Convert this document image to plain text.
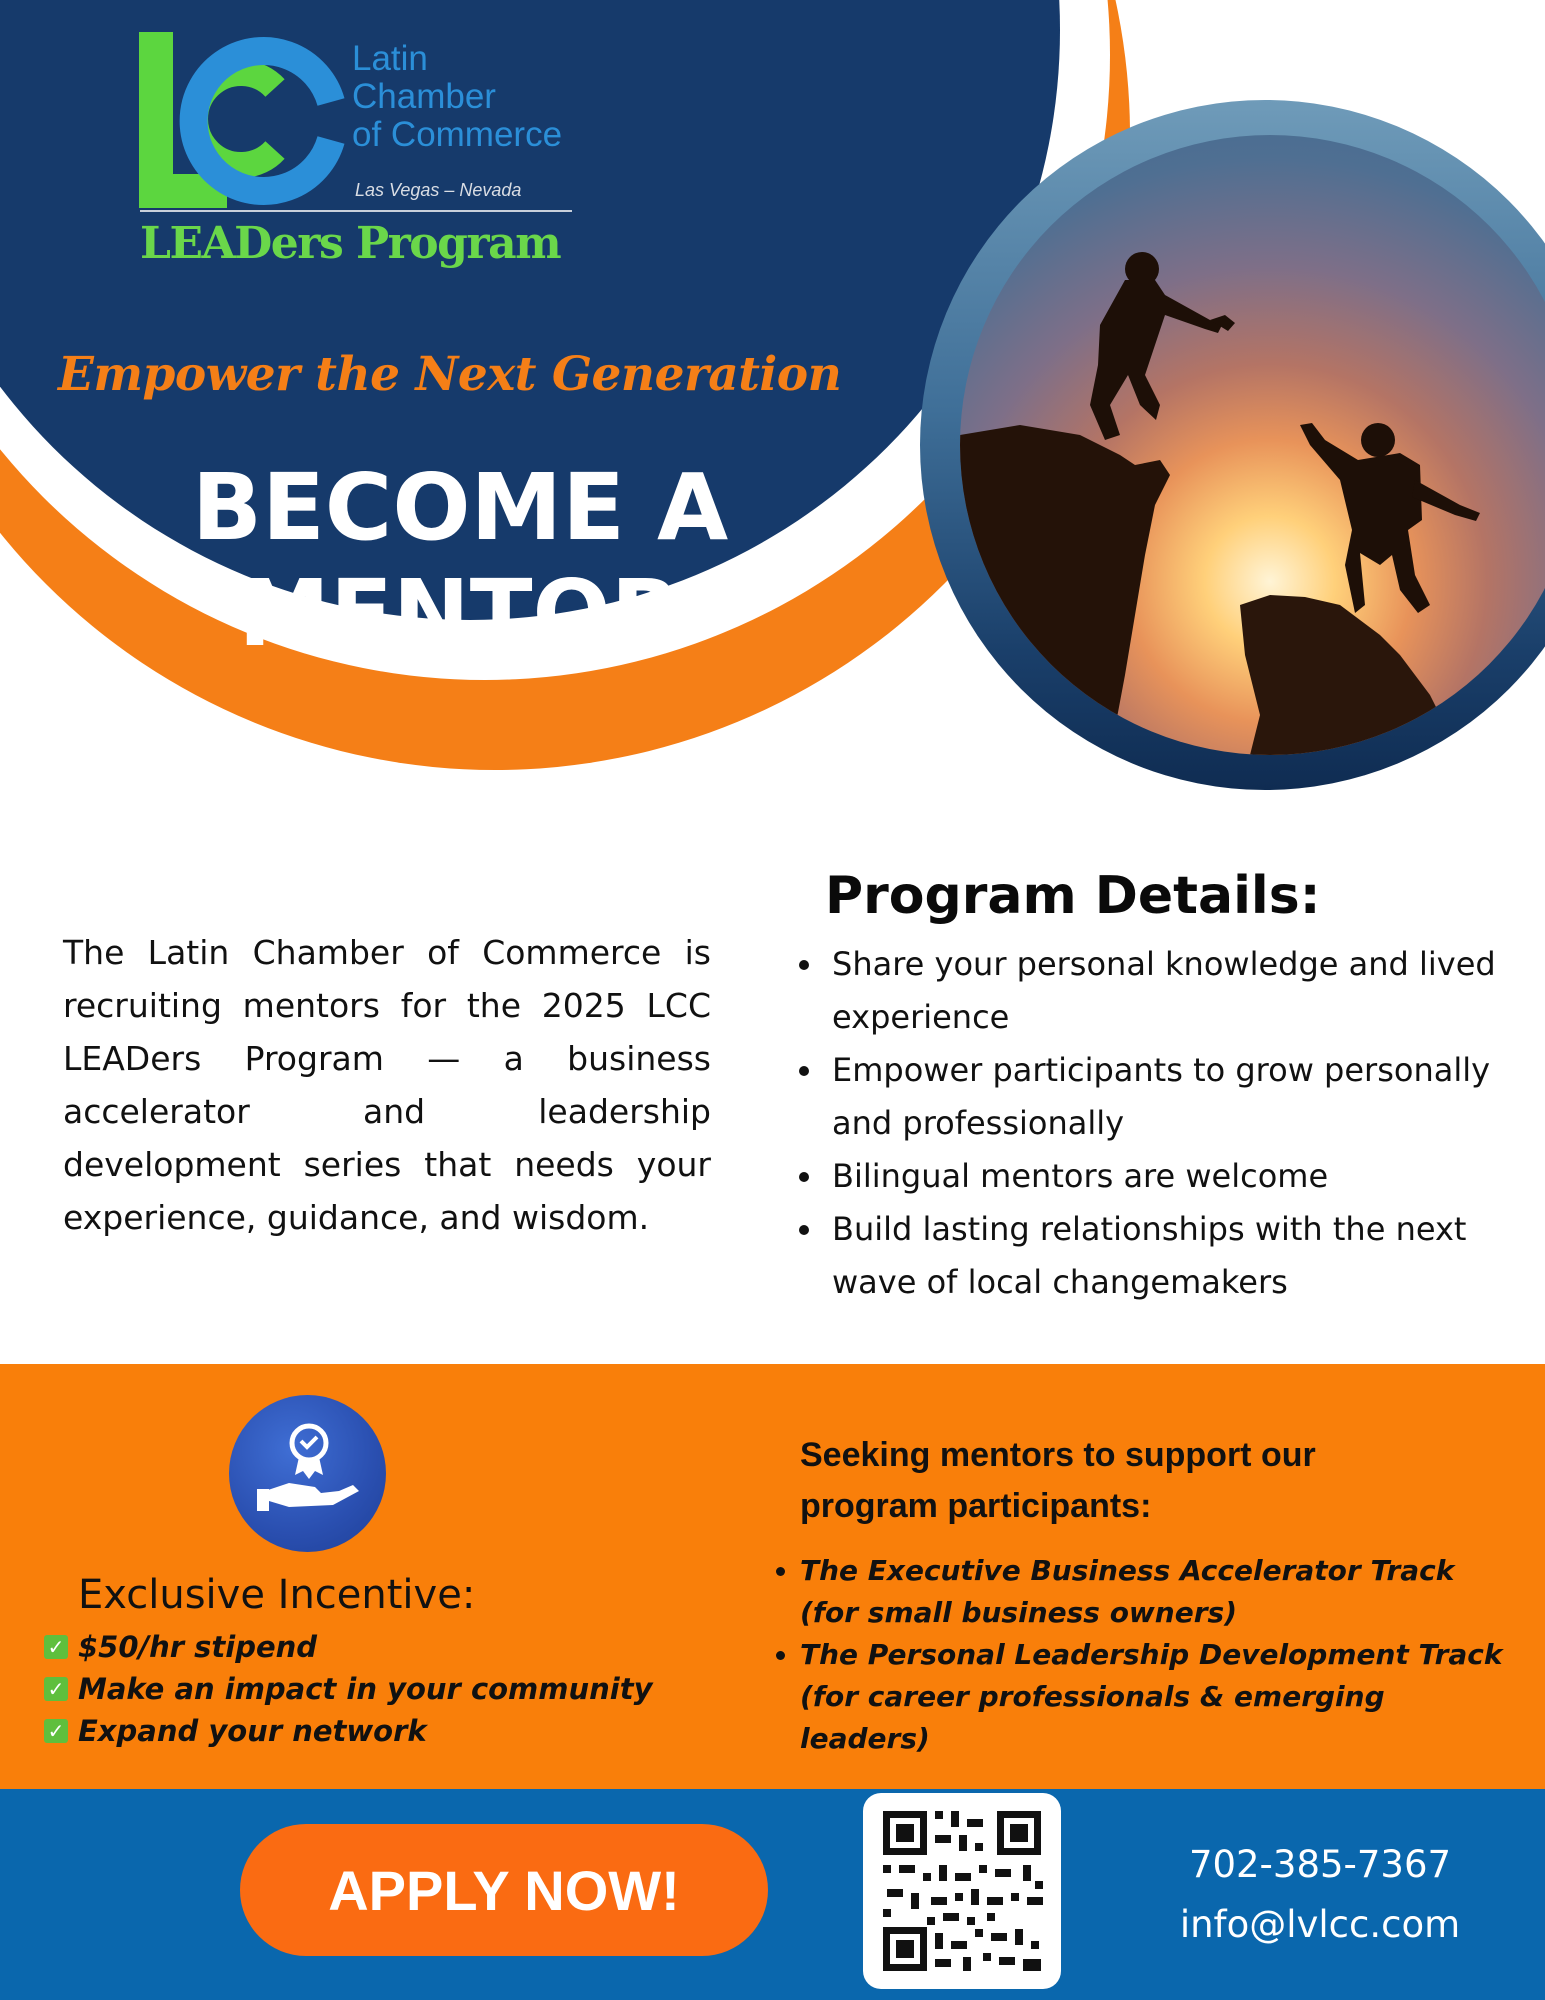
Latin
Chamber
of Commerce
Las Vegas – Nevada
LEADers Program
Empower the Next Generation
BECOME A
MENTOR
The Latin Chamber of Commerce is recruiting mentors for the 2025 LCC LEADers Program — a business accelerator and leadership development series that needs your experience, guidance, and wisdom.
Program Details:
• Share your personal knowledge and lived experience
• Empower participants to grow personally and professionally
• Bilingual mentors are welcome
• Build lasting relationships with the next wave of local changemakers
Exclusive Incentive:
✓ $50/hr stipend
✓ Make an impact in your community
✓ Expand your network
Seeking mentors to support our program participants:
• The Executive Business Accelerator Track (for small business owners)
• The Personal Leadership Development Track (for career professionals & emerging leaders)
APPLY NOW!	702-385-7367
info@lvlcc.com
